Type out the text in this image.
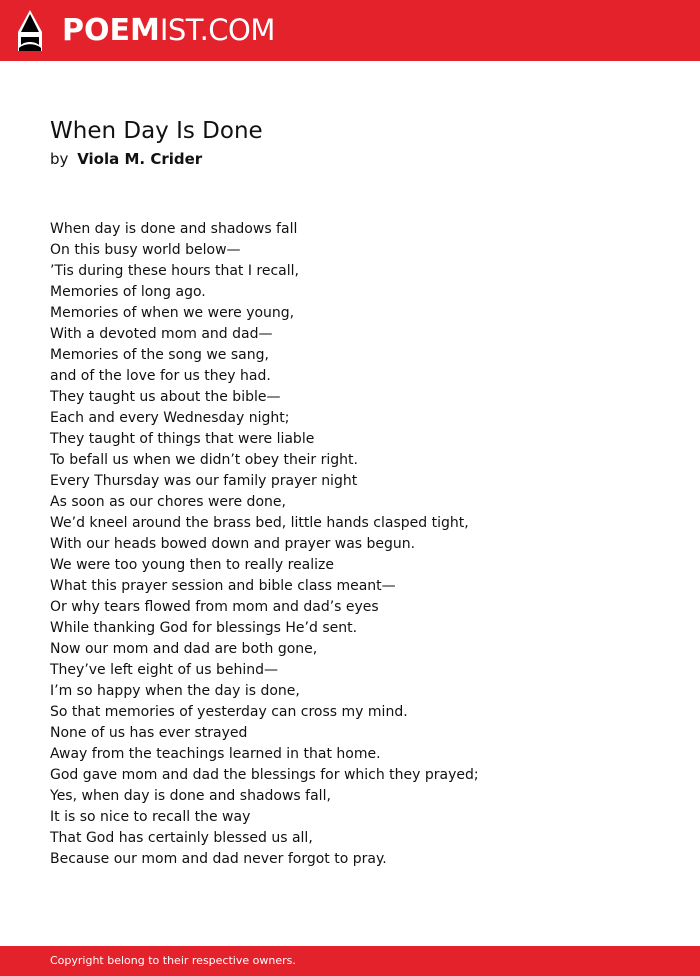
POEMIST.COM
When Day Is Done
by Viola M. Crider
When day is done and shadows fall
On this busy world below—
’Tis during these hours that I recall,
Memories of long ago.
Memories of when we were young,
With a devoted mom and dad—
Memories of the song we sang,
and of the love for us they had.
They taught us about the bible—
Each and every Wednesday night;
They taught of things that were liable
To befall us when we didn’t obey their right.
Every Thursday was our family prayer night
As soon as our chores were done,
We’d kneel around the brass bed, little hands clasped tight,
With our heads bowed down and prayer was begun.
We were too young then to really realize
What this prayer session and bible class meant—
Or why tears flowed from mom and dad’s eyes
While thanking God for blessings He’d sent.
Now our mom and dad are both gone,
They’ve left eight of us behind—
I’m so happy when the day is done,
So that memories of yesterday can cross my mind.
None of us has ever strayed
Away from the teachings learned in that home.
God gave mom and dad the blessings for which they prayed;
Yes, when day is done and shadows fall,
It is so nice to recall the way
That God has certainly blessed us all,
Because our mom and dad never forgot to pray.
Copyright belong to their respective owners.
